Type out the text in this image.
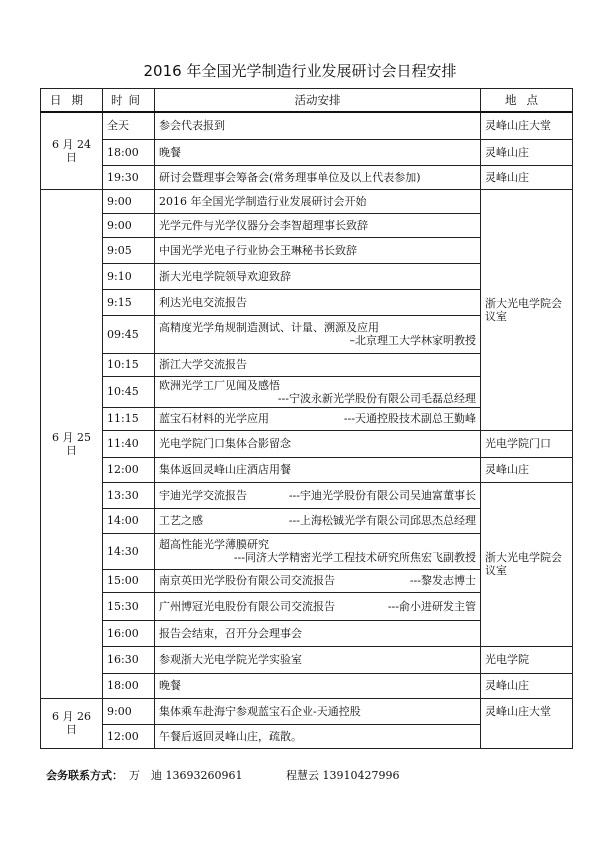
2016 年全国光学制造行业发展研讨会日程安排
日期	时间	活动安排	地点
6 月 24 日	全天	参会代表报到	灵峰山庄大堂
	18:00	晚餐	灵峰山庄
	19:30	研讨会暨理事会筹备会(常务理事单位及以上代表参加)	灵峰山庄
6 月 25 日	9:00	2016 年全国光学制造行业发展研讨会开始	浙大光电学院会议室
	9:00	光学元件与光学仪器分会李智超理事长致辞	
	9:05	中国光学光电子行业协会王琳秘书长致辞	
	9:10	浙大光电学院领导欢迎致辞	
	9:15	利达光电交流报告	
	09:45	高精度光学角规制造测试、计量、溯源及应用
–北京理工大学林家明教授	

	10:15	浙江大学交流报告	
	10:45	欧洲光学工厂见闻及感悟
---宁波永新光学股份有限公司毛磊总经理	

	11:15	蓝宝石材料的光学应用 ---天通控股技术副总王勤峰	

	11:40	光电学院门口集体合影留念	光电学院门口
	12:00	集体返回灵峰山庄酒店用餐	灵峰山庄
	13:30	宇迪光学交流报告 ---宇迪光学股份有限公司吴迪富董事长	浙大光电学院会议室
	14:00	工艺之感 ---上海松铖光学有限公司邱思杰总经理	

	14:30	超高性能光学薄膜研究
---同济大学精密光学工程技术研究所焦宏飞副教授	

	15:00	南京英田光学股份有限公司交流报告 ---黎发志博士	

	15:30	广州博冠光电股份有限公司交流报告 ---俞小进研发主管	

	16:00	报告会结束，召开分会理事会	
	16:30	参观浙大光电学院光学实验室	光电学院
	18:00	晚餐	灵峰山庄
6 月 26 日	9:00	集体乘车赴海宁参观蓝宝石企业-天通控股	灵峰山庄大堂
	12:00	午餐后返回灵峰山庄，疏散。	
会务联系方式： 万　迪 13693260961	程慧云 13910427996
